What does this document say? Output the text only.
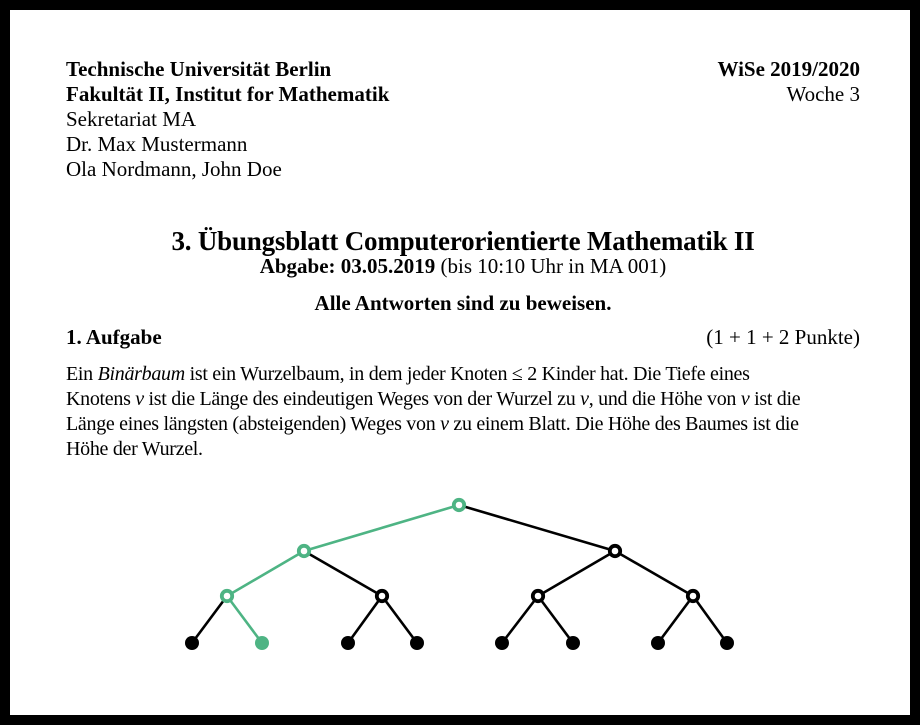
Technische Universität Berlin
Fakultät II, Institut for Mathematik
Sekretariat MA
Dr. Max Mustermann
Ola Nordmann, John Doe
WiSe 2019/2020
Woche 3
3. Übungsblatt Computerorientierte Mathematik II
Abgabe: 03.05.2019 (bis 10:10 Uhr in MA 001)
Alle Antworten sind zu beweisen.
1. Aufgabe	(1 + 1 + 2 Punkte)
Ein Binärbaum ist ein Wurzelbaum, in dem jeder Knoten ≤ 2 Kinder hat. Die Tiefe eines
Knotens v ist die Länge des eindeutigen Weges von der Wurzel zu v, und die Höhe von v ist die
Länge eines längsten (absteigenden) Weges von v zu einem Blatt. Die Höhe des Baumes ist die
Höhe der Wurzel.
